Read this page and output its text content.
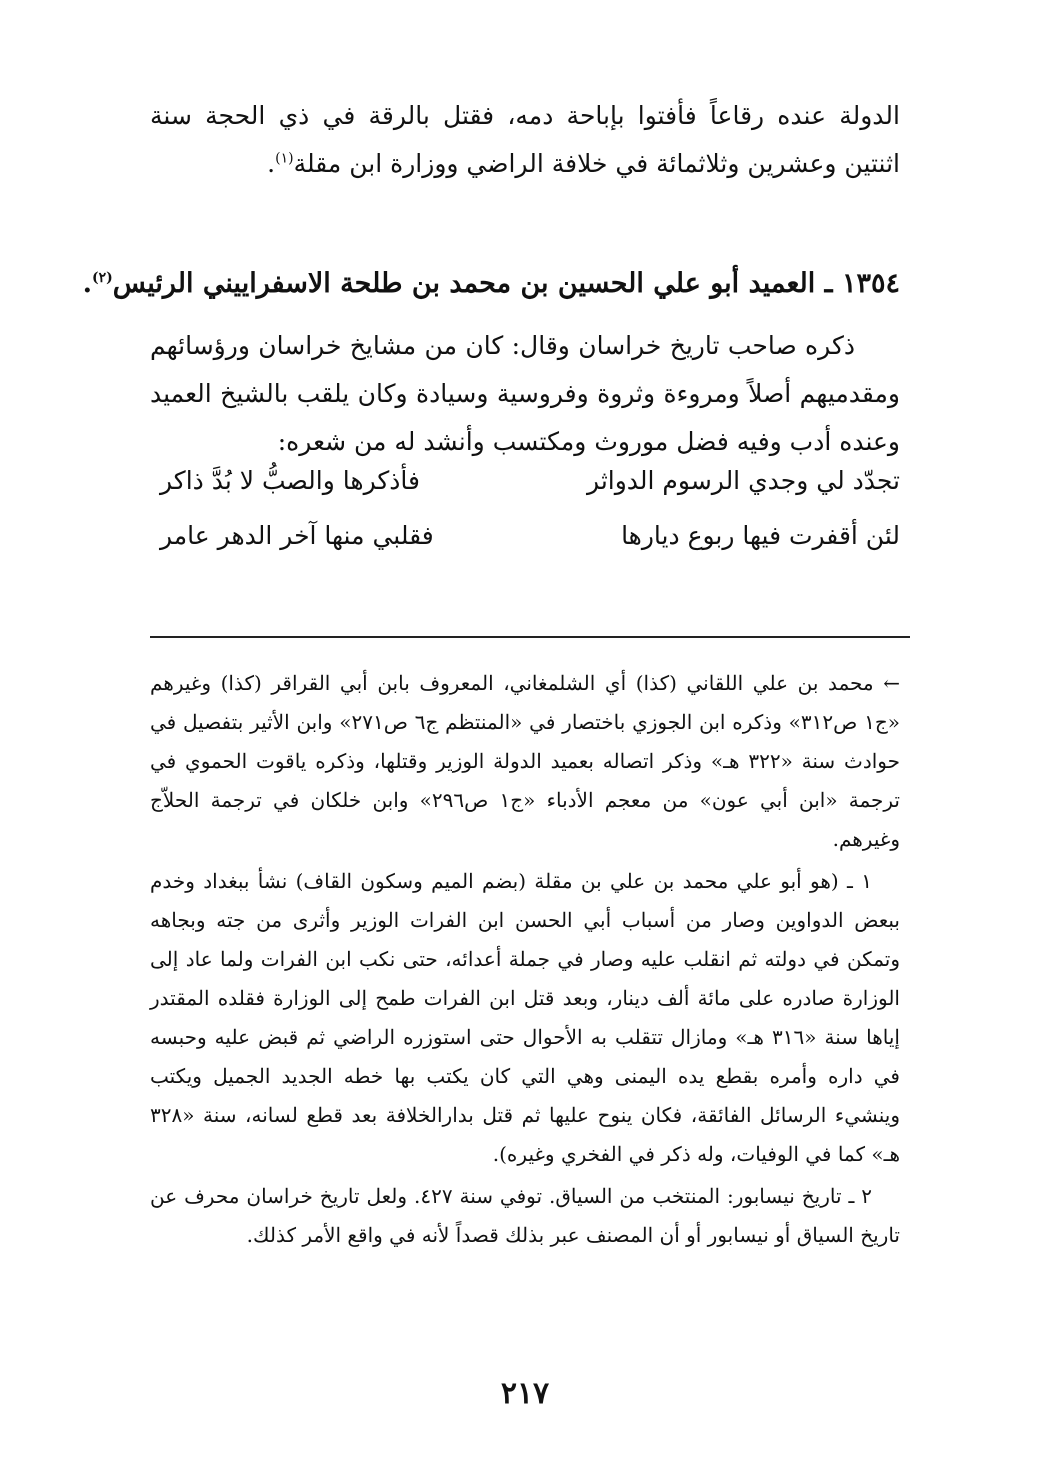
الدولة عنده رقاعاً فأفتوا بإباحة دمه، فقتل بالرقة في ذي الحجة سنة اثنتين وعشرين وثلاثمائة في خلافة الراضي ووزارة ابن مقلة$^{(١)}$.
١٣٥٤ ـ العميد أبو علي الحسين بن محمد بن طلحة الاسفراييني الرئيس$^{(٢)}$.

ذكره صاحب تاريخ خراسان وقال: كان من مشايخ خراسان ورؤسائهم ومقدميهم أصلاً ومروءة وثروة وفروسية وسيادة وكان يلقب بالشيخ العميد وعنده أدب وفيه فضل موروث ومكتسب وأنشد له من شعره:

تجدّد لي وجدي الرسوم الدواثر
فأذكرها والصبُّ لا بُدَّ ذاكر
لئن أقفرت فيها ربوع ديارها
فقلبي منها آخر الدهر عامر

← محمد بن علي اللقاني (كذا) أي الشلمغاني، المعروف بابن أبي القراقر (كذا) وغيرهم «ج١ ص٣١٢» وذكره ابن الجوزي باختصار في «المنتظم ج٦ ص٢٧١» وابن الأثير بتفصيل في حوادث سنة «٣٢٢ هـ» وذكر اتصاله بعميد الدولة الوزير وقتلها، وذكره ياقوت الحموي في ترجمة «ابن أبي عون» من معجم الأدباء «ج١ ص٢٩٦» وابن خلكان في ترجمة الحلاّج وغيرهم.

١ ـ (هو أبو علي محمد بن علي بن مقلة (بضم الميم وسكون القاف) نشأ ببغداد وخدم ببعض الدواوين وصار من أسباب أبي الحسن ابن الفرات الوزير وأثرى من جته وبجاهه وتمكن في دولته ثم انقلب عليه وصار في جملة أعدائه، حتى نكب ابن الفرات ولما عاد إلى الوزارة صادره على مائة ألف دينار، وبعد قتل ابن الفرات طمح إلى الوزارة فقلده المقتدر إياها سنة «٣١٦ هـ» ومازال تتقلب به الأحوال حتى استوزره الراضي ثم قبض عليه وحبسه في داره وأمره بقطع يده اليمنى وهي التي كان يكتب بها خطه الجديد الجميل ويكتب وينشيء الرسائل الفائقة، فكان ينوح عليها ثم قتل بدارالخلافة بعد قطع لسانه، سنة «٣٢٨ هـ» كما في الوفيات، وله ذكر في الفخري وغيره).

٢ ـ تاريخ نيسابور: المنتخب من السياق. توفي سنة ٤٢٧. ولعل تاريخ خراسان محرف عن تاريخ السياق أو نيسابور أو أن المصنف عبر بذلك قصداً لأنه في واقع الأمر كذلك.

٢١٧
